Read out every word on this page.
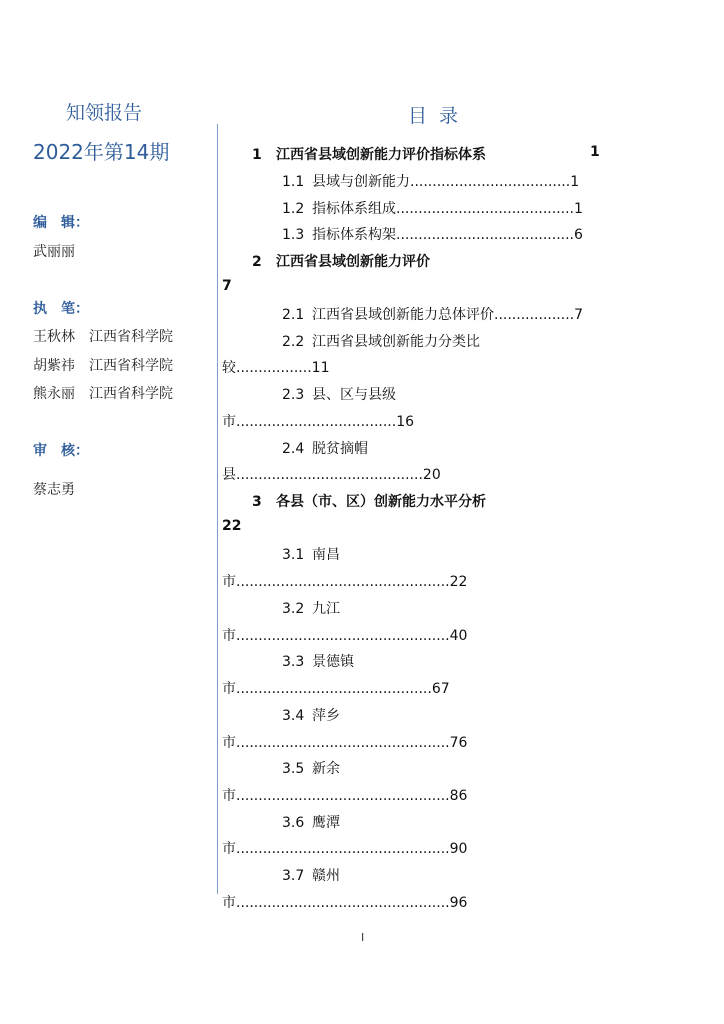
知领报告
2022年第14期
编　辑：
武丽丽
执　笔：
王秋林 江西省科学院
胡紫祎 江西省科学院
熊永丽 江西省科学院
审　核：
蔡志勇
目录
1 江西省县域创新能力评价指标体系	1
1.1 县域与创新能力....................................1
1.2 指标体系组成........................................1
1.3 指标体系构架........................................6
2 江西省县域创新能力评价
7
2.1 江西省县域创新能力总体评价..................7
2.2 江西省县域创新能力分类比
较.................11
2.3 县、区与县级
市....................................16
2.4 脱贫摘帽
县..........................................20
3 各县（市、区）创新能力水平分析
22
3.1 南昌
市................................................22
3.2 九江
市................................................40
3.3 景德镇
市............................................67
3.4 萍乡
市................................................76
3.5 新余
市................................................86
3.6 鹰潭
市................................................90
3.7 赣州
市................................................96
I
